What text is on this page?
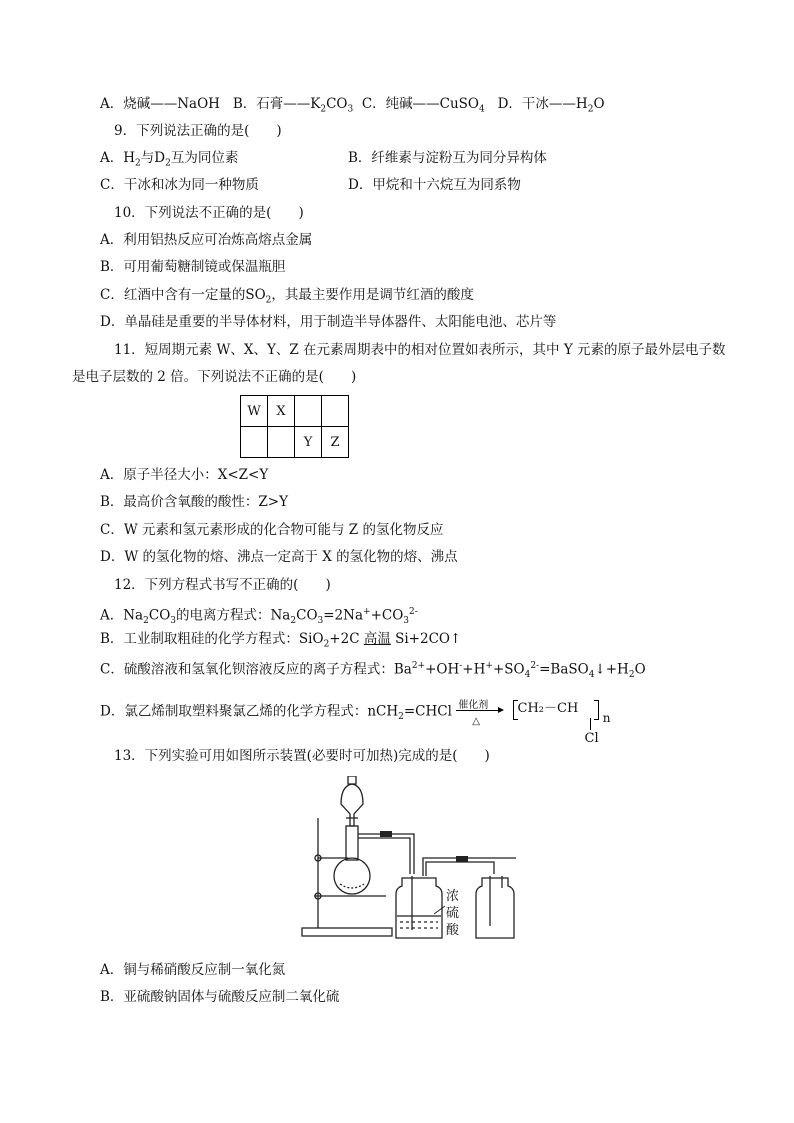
A．烧碱——NaOH B．石膏$——K_2CO_3$ C．纯碱——CuSO$_4$ D．干冰$——H_2O$
9．下列说法正确的是(　　)
A．$H_2$与$D_2$互为同位素	B．纤维素与淀粉互为同分异构体
C．干冰和冰为同一种物质	D．甲烷和十六烷互为同系物
10．下列说法不正确的是(　　)
A．利用铝热反应可冶炼高熔点金属
B．可用葡萄糖制镜或保温瓶胆
C．红酒中含有一定量的$SO_2$，其最主要作用是调节红酒的酸度
D．单晶硅是重要的半导体材料，用于制造半导体器件、太阳能电池、芯片等
11．短周期元素 W、X、Y、Z 在元素周期表中的相对位置如表所示，其中 Y 元素的原子最外层电子数
是电子层数的 2 倍。下列说法不正确的是(　　)
W	X		
		Y	Z
A．原子半径大小：X<Z<Y
B．最高价含氧酸的酸性：Z>Y
C．W 元素和氢元素形成的化合物可能与 Z 的氢化物反应
D．W 的氢化物的熔、沸点一定高于 X 的氢化物的熔、沸点
12．下列方程式书写不正确的(　　)
A．$Na_2CO_3$的电离方程式：$Na_2CO_3=2Na^++CO_3^{2-}$
B．工业制取粗硅的化学方程式：SiO$_2$+2C 高温 Si+2CO↑
C．硫酸溶液和氢氧化钡溶液反应的离子方程式：$Ba^{2+}+OH^-+H^++SO_4^{2-}=BaSO_4↓+H_2O$
D．氯乙烯制取塑料聚氯乙烯的化学方程式：nCH$_2$=CHCl 催化剂
△

CH₂－CH
n
Cl
13．下列实验可用如图所示装置(必要时可加热)完成的是(　　)
浓
硫
酸
A．铜与稀硝酸反应制一氧化氮
B．亚硫酸钠固体与硫酸反应制二氧化硫
